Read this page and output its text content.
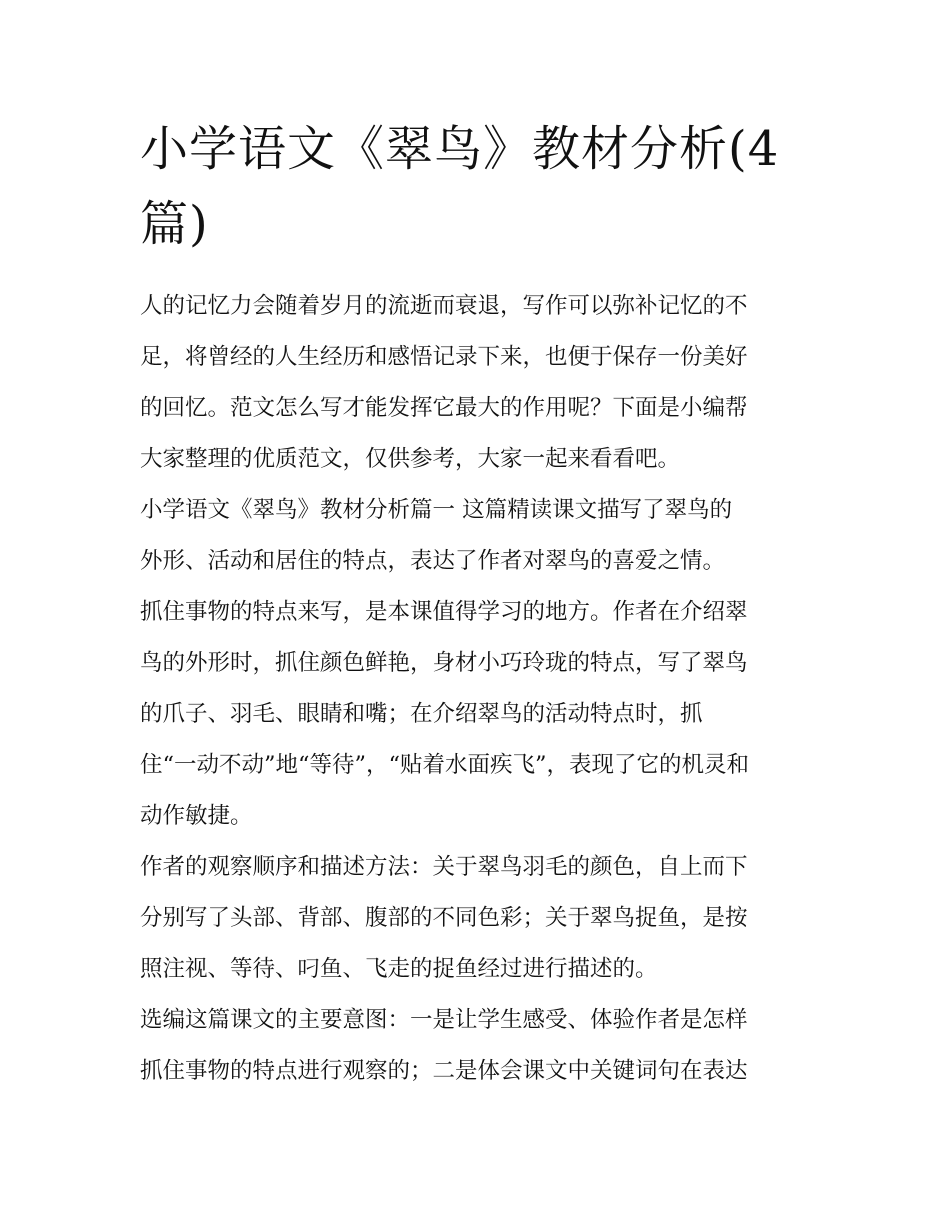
小学语文《翠鸟》教材分析(4篇)

人的记忆力会随着岁月的流逝而衰退，写作可以弥补记忆的不
足，将曾经的人生经历和感悟记录下来，也便于保存一份美好
的回忆。范文怎么写才能发挥它最大的作用呢？下面是小编帮
大家整理的优质范文，仅供参考，大家一起来看看吧。

小学语文《翠鸟》教材分析篇一 这篇精读课文描写了翠鸟的
外形、活动和居住的特点，表达了作者对翠鸟的喜爱之情。

抓住事物的特点来写，是本课值得学习的地方。作者在介绍翠
鸟的外形时，抓住颜色鲜艳，身材小巧玲珑的特点，写了翠鸟
的爪子、羽毛、眼睛和嘴；在介绍翠鸟的活动特点时，抓
住“一动不动”地“等待”，“贴着水面疾飞”，表现了它的机灵和
动作敏捷。

作者的观察顺序和描述方法：关于翠鸟羽毛的颜色，自上而下
分别写了头部、背部、腹部的不同色彩；关于翠鸟捉鱼，是按
照注视、等待、叼鱼、飞走的捉鱼经过进行描述的。

选编这篇课文的主要意图：一是让学生感受、体验作者是怎样
抓住事物的特点进行观察的；二是体会课文中关键词句在表达
